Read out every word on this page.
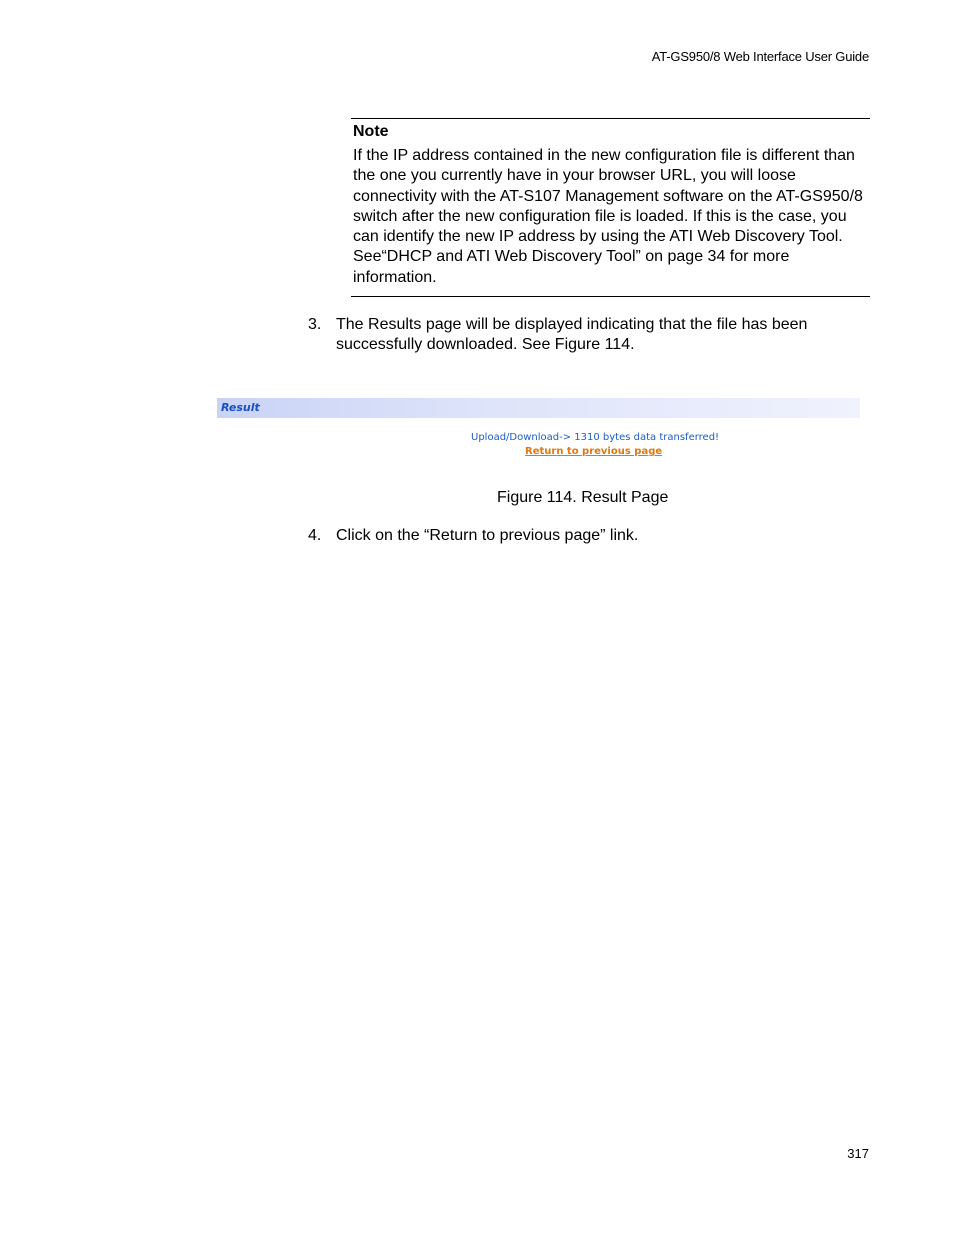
AT-GS950/8 Web Interface User Guide
Note
If the IP address contained in the new configuration file is different than the one you currently have in your browser URL, you will loose connectivity with the AT-S107 Management software on the AT-GS950/8 switch after the new configuration file is loaded. If this is the case, you can identify the new IP address by using the ATI Web Discovery Tool. See“DHCP and ATI Web Discovery Tool” on page 34 for more information.
3. The Results page will be displayed indicating that the file has been successfully downloaded. See Figure 114.
Result
Upload/Download-> 1310 bytes data transferred!
Return to previous page
Figure 114. Result Page
4. Click on the “Return to previous page” link.
317
